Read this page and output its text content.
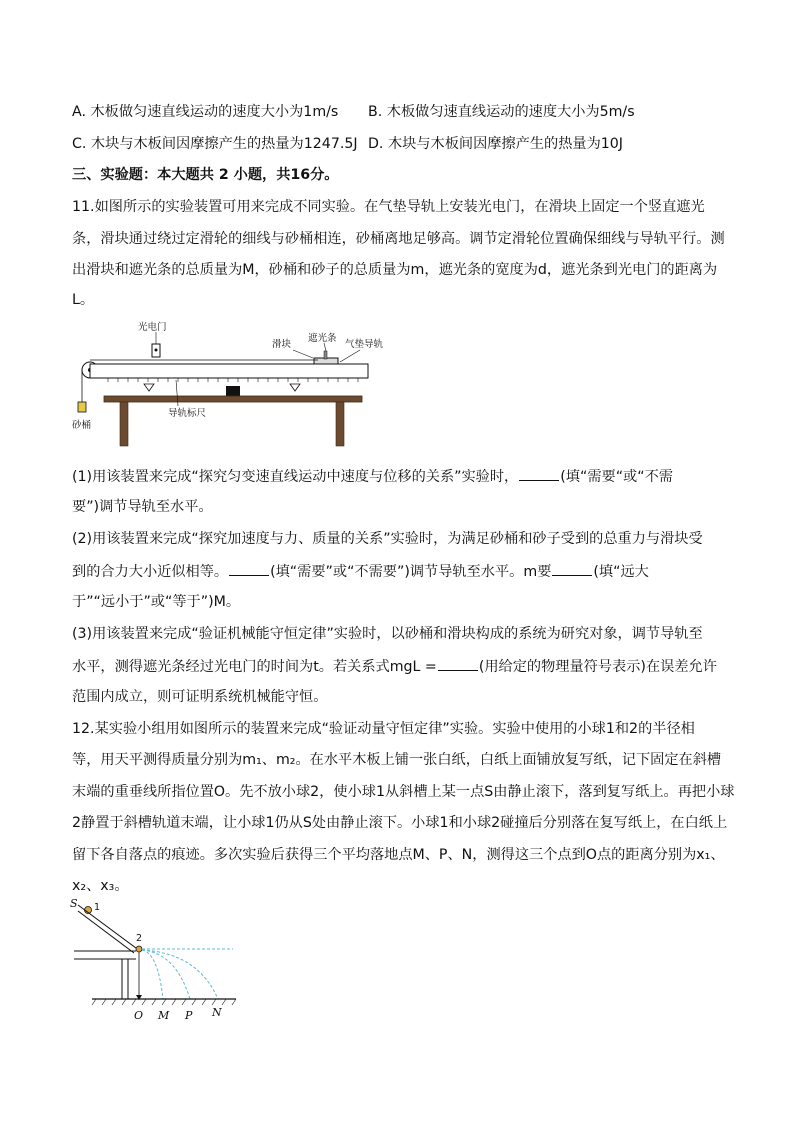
A. 木板做匀速直线运动的速度大小为1m/s B. 木板做匀速直线运动的速度大小为5m/s
C. 木块与木板间因摩擦产生的热量为1247.5J D. 木块与木板间因摩擦产生的热量为10J
三、实验题：本大题共 2 小题，共16分。
11.如图所示的实验装置可用来完成不同实验。在气垫导轨上安装光电门，在滑块上固定一个竖直遮光
条，滑块通过绕过定滑轮的细线与砂桶相连，砂桶离地足够高。调节定滑轮位置确保细线与导轨平行。测
出滑块和遮光条的总质量为M，砂桶和砂子的总质量为m，遮光条的宽度为d，遮光条到光电门的距离为
L。
光电门
滑块
遮光条
气垫导轨
导轨标尺
砂桶
(1)用该装置来完成“探究匀变速直线运动中速度与位移的关系”实验时，	(填“需要“或“不需
要”)调节导轨至水平。
(2)用该装置来完成“探究加速度与力、质量的关系”实验时，为满足砂桶和砂子受到的总重力与滑块受
到的合力大小近似相等。	(填“需要”或“不需要”)调节导轨至水平。m要	(填“远大
于”“远小于”或“等于”)M。
(3)用该装置来完成“验证机械能守恒定律”实验时，以砂桶和滑块构成的系统为研究对象，调节导轨至
水平，测得遮光条经过光电门的时间为t。若关系式mgL =	(用给定的物理量符号表示)在误差允许
范围内成立，则可证明系统机械能守恒。
12.某实验小组用如图所示的装置来完成“验证动量守恒定律”实验。实验中使用的小球1和2的半径相
等，用天平测得质量分别为m₁、m₂。在水平木板上铺一张白纸，白纸上面铺放复写纸，记下固定在斜槽
末端的重垂线所指位置O。先不放小球2，使小球1从斜槽上某一点S由静止滚下，落到复写纸上。再把小球
2静置于斜槽轨道末端，让小球1仍从S处由静止滚下。小球1和小球2碰撞后分别落在复写纸上，在白纸上
留下各自落点的痕迹。多次实验后获得三个平均落地点M、P、N，测得这三个点到O点的距离分别为x₁、
x₂、x₃。
S 1
2
O M P N
